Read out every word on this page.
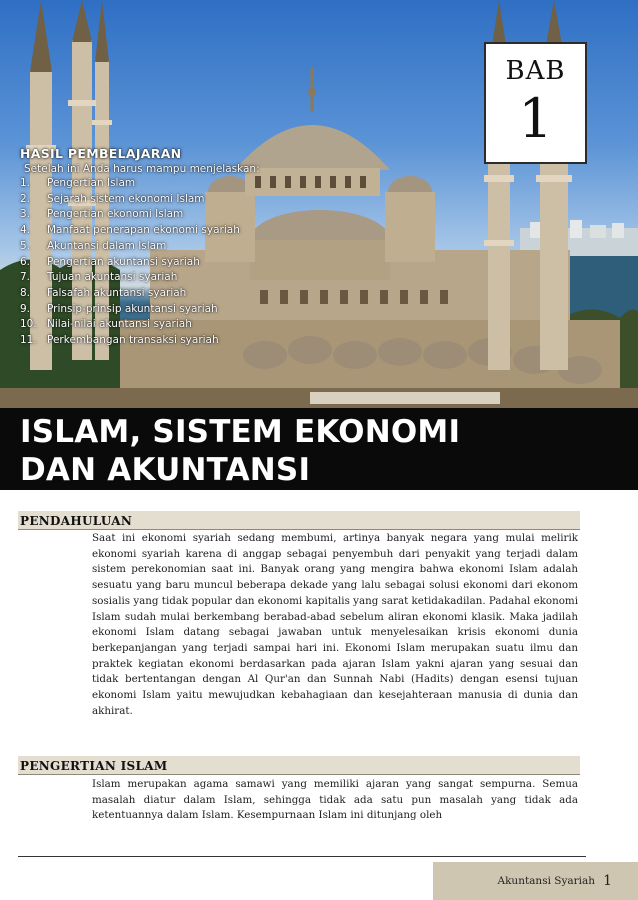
BAB
1
HASIL PEMBELAJARAN
Setelah ini Anda harus mampu menjelaskan:
1.	Pengertian Islam
2.	Sejarah sistem ekonomi Islam
3.	Pengertian ekonomi Islam
4.	Manfaat penerapan ekonomi syariah
5.	Akuntansi dalam Islam
6.	Pengertian akuntansi syariah
7.	Tujuan akuntansi syariah
8.	Falsafah akuntansi syariah
9.	Prinsip-prinsip akuntansi syariah
10. Nilai-nilai akuntansi syariah
11. Perkembangan transaksi syariah
ISLAM, SISTEM EKONOMI
DAN AKUNTANSI
PENDAHULUAN

Saat ini ekonomi syariah sedang membumi, artinya banyak negara yang mulai melirik ekonomi syariah karena di anggap sebagai penyembuh dari penyakit yang terjadi dalam sistem perekonomian saat ini. Banyak orang yang mengira bahwa ekonomi Islam adalah sesuatu yang baru muncul beberapa dekade yang lalu sebagai solusi ekonomi dari ekonom sosialis yang tidak popular dan ekonomi kapitalis yang sarat ketidakadilan. Padahal ekonomi Islam sudah mulai berkembang berabad-abad sebelum aliran ekonomi klasik. Maka jadilah ekonomi Islam datang sebagai jawaban untuk menyelesaikan krisis ekonomi dunia berkepanjangan yang terjadi sampai hari ini. Ekonomi Islam merupakan suatu ilmu dan praktek kegiatan ekonomi berdasarkan pada ajaran Islam yakni ajaran yang sesuai dan tidak bertentangan dengan Al Qur'an dan Sunnah Nabi (Hadits) dengan esensi tujuan ekonomi Islam yaitu mewujudkan kebahagiaan dan kesejahteraan manusia di dunia dan akhirat.

PENGERTIAN ISLAM

Islam merupakan agama samawi yang memiliki ajaran yang sangat sempurna. Semua masalah diatur dalam Islam, sehingga tidak ada satu pun masalah yang tidak ada ketentuannya dalam Islam. Kesempurnaan Islam ini ditunjang oleh

Akuntansi Syariah 1
